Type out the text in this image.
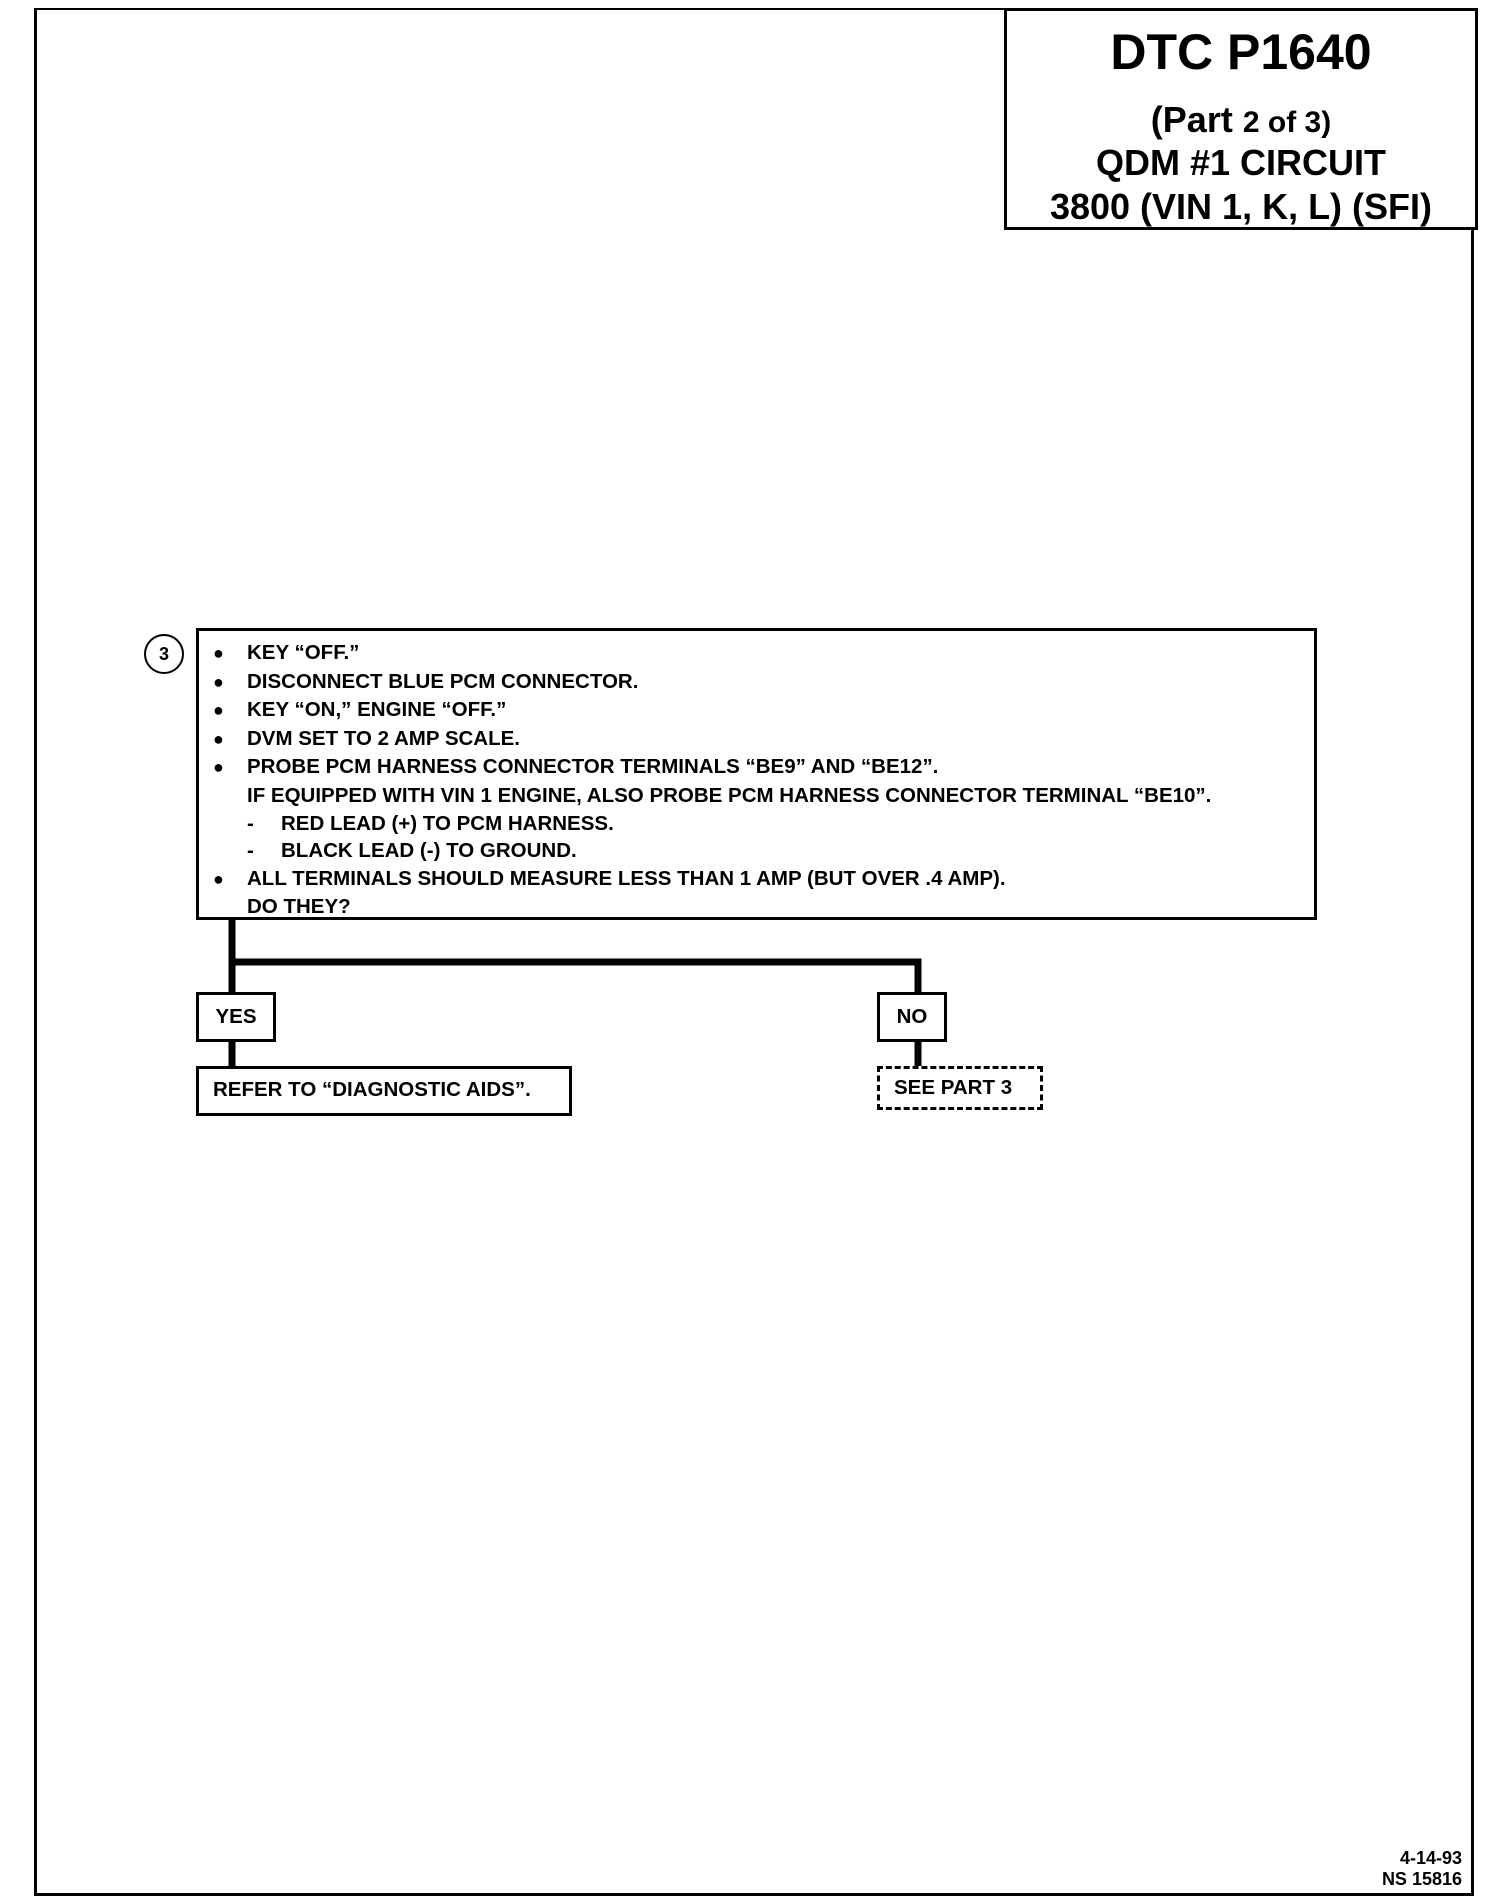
DTC P1640
(Part 2 of 3)
QDM #1 CIRCUIT
3800 (VIN 1, K, L) (SFI)
3	● KEY “OFF.”
● DISCONNECT BLUE PCM CONNECTOR.
● KEY “ON,” ENGINE “OFF.”
● DVM SET TO 2 AMP SCALE.
● PROBE PCM HARNESS CONNECTOR TERMINALS “BE9” AND “BE12”.
IF EQUIPPED WITH VIN 1 ENGINE, ALSO PROBE PCM HARNESS CONNECTOR TERMINAL “BE10”.
- RED LEAD (+) TO PCM HARNESS.
- BLACK LEAD (-) TO GROUND.
● ALL TERMINALS SHOULD MEASURE LESS THAN 1 AMP (BUT OVER .4 AMP).
DO THEY?
YES	NO
REFER TO “DIAGNOSTIC AIDS”.	SEE PART 3
4-14-93
NS 15816
